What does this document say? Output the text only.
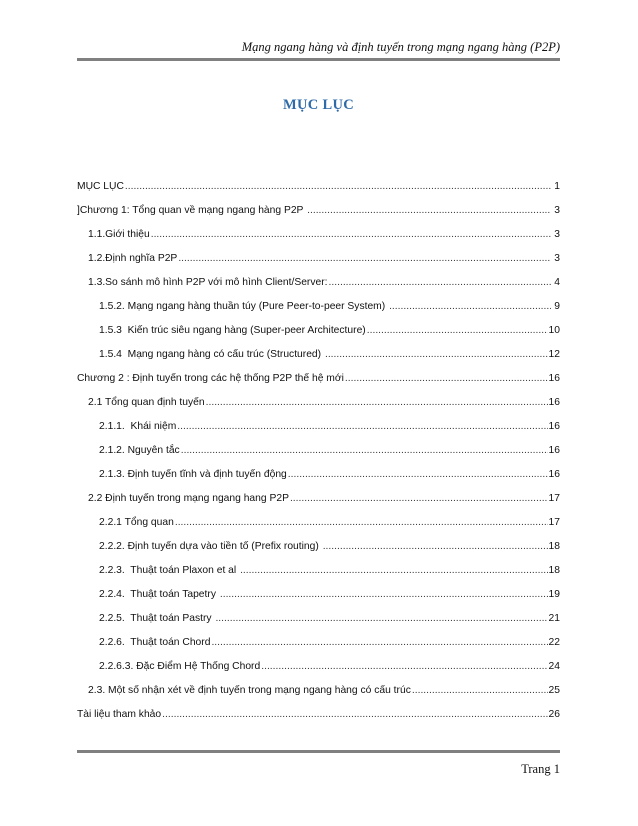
Mạng ngang hàng và định tuyến trong mạng ngang hàng (P2P)
MỤC LỤC
MỤC LỤC .....	1
]Chương 1: Tổng quan về mạng ngang hàng P2P .....	3
1.1.Giới thiệu .....	3
1.2.Định nghĩa P2P .....	3
1.3.So sánh mô hình P2P với mô hình Client/Server: .....	4
1.5.2. Mạng ngang hàng thuần túy (Pure Peer-to-peer System) .....	9
1.5.3  Kiến trúc siêu ngang hàng (Super-peer Architecture) .....	10
1.5.4  Mạng ngang hàng có cấu trúc (Structured) .....	12
Chương 2 : Định tuyến trong các hệ thống P2P thế hệ mới .....	16
2.1 Tổng quan định tuyến .....	16
2.1.1.  Khái niệm .....	16
2.1.2. Nguyên tắc .....	16
2.1.3. Định tuyến tĩnh và định tuyến động .....	16
2.2 Định tuyến trong mạng ngang hang P2P .....	17
2.2.1 Tổng quan .....	17
2.2.2. Định tuyến dựa vào tiền tố (Prefix routing) .....	18
2.2.3.  Thuật toán Plaxon et al .....	18
2.2.4.  Thuật toán Tapetry .....	19
2.2.5.  Thuật toán Pastry .....	21
2.2.6.  Thuật toán Chord .....	22
2.2.6.3. Đặc Điểm Hệ Thống Chord .....	24
2.3. Một số nhận xét về định tuyến trong mạng ngang hàng có cấu trúc .....	25
Tài liệu tham khảo .....	26
Trang 1
